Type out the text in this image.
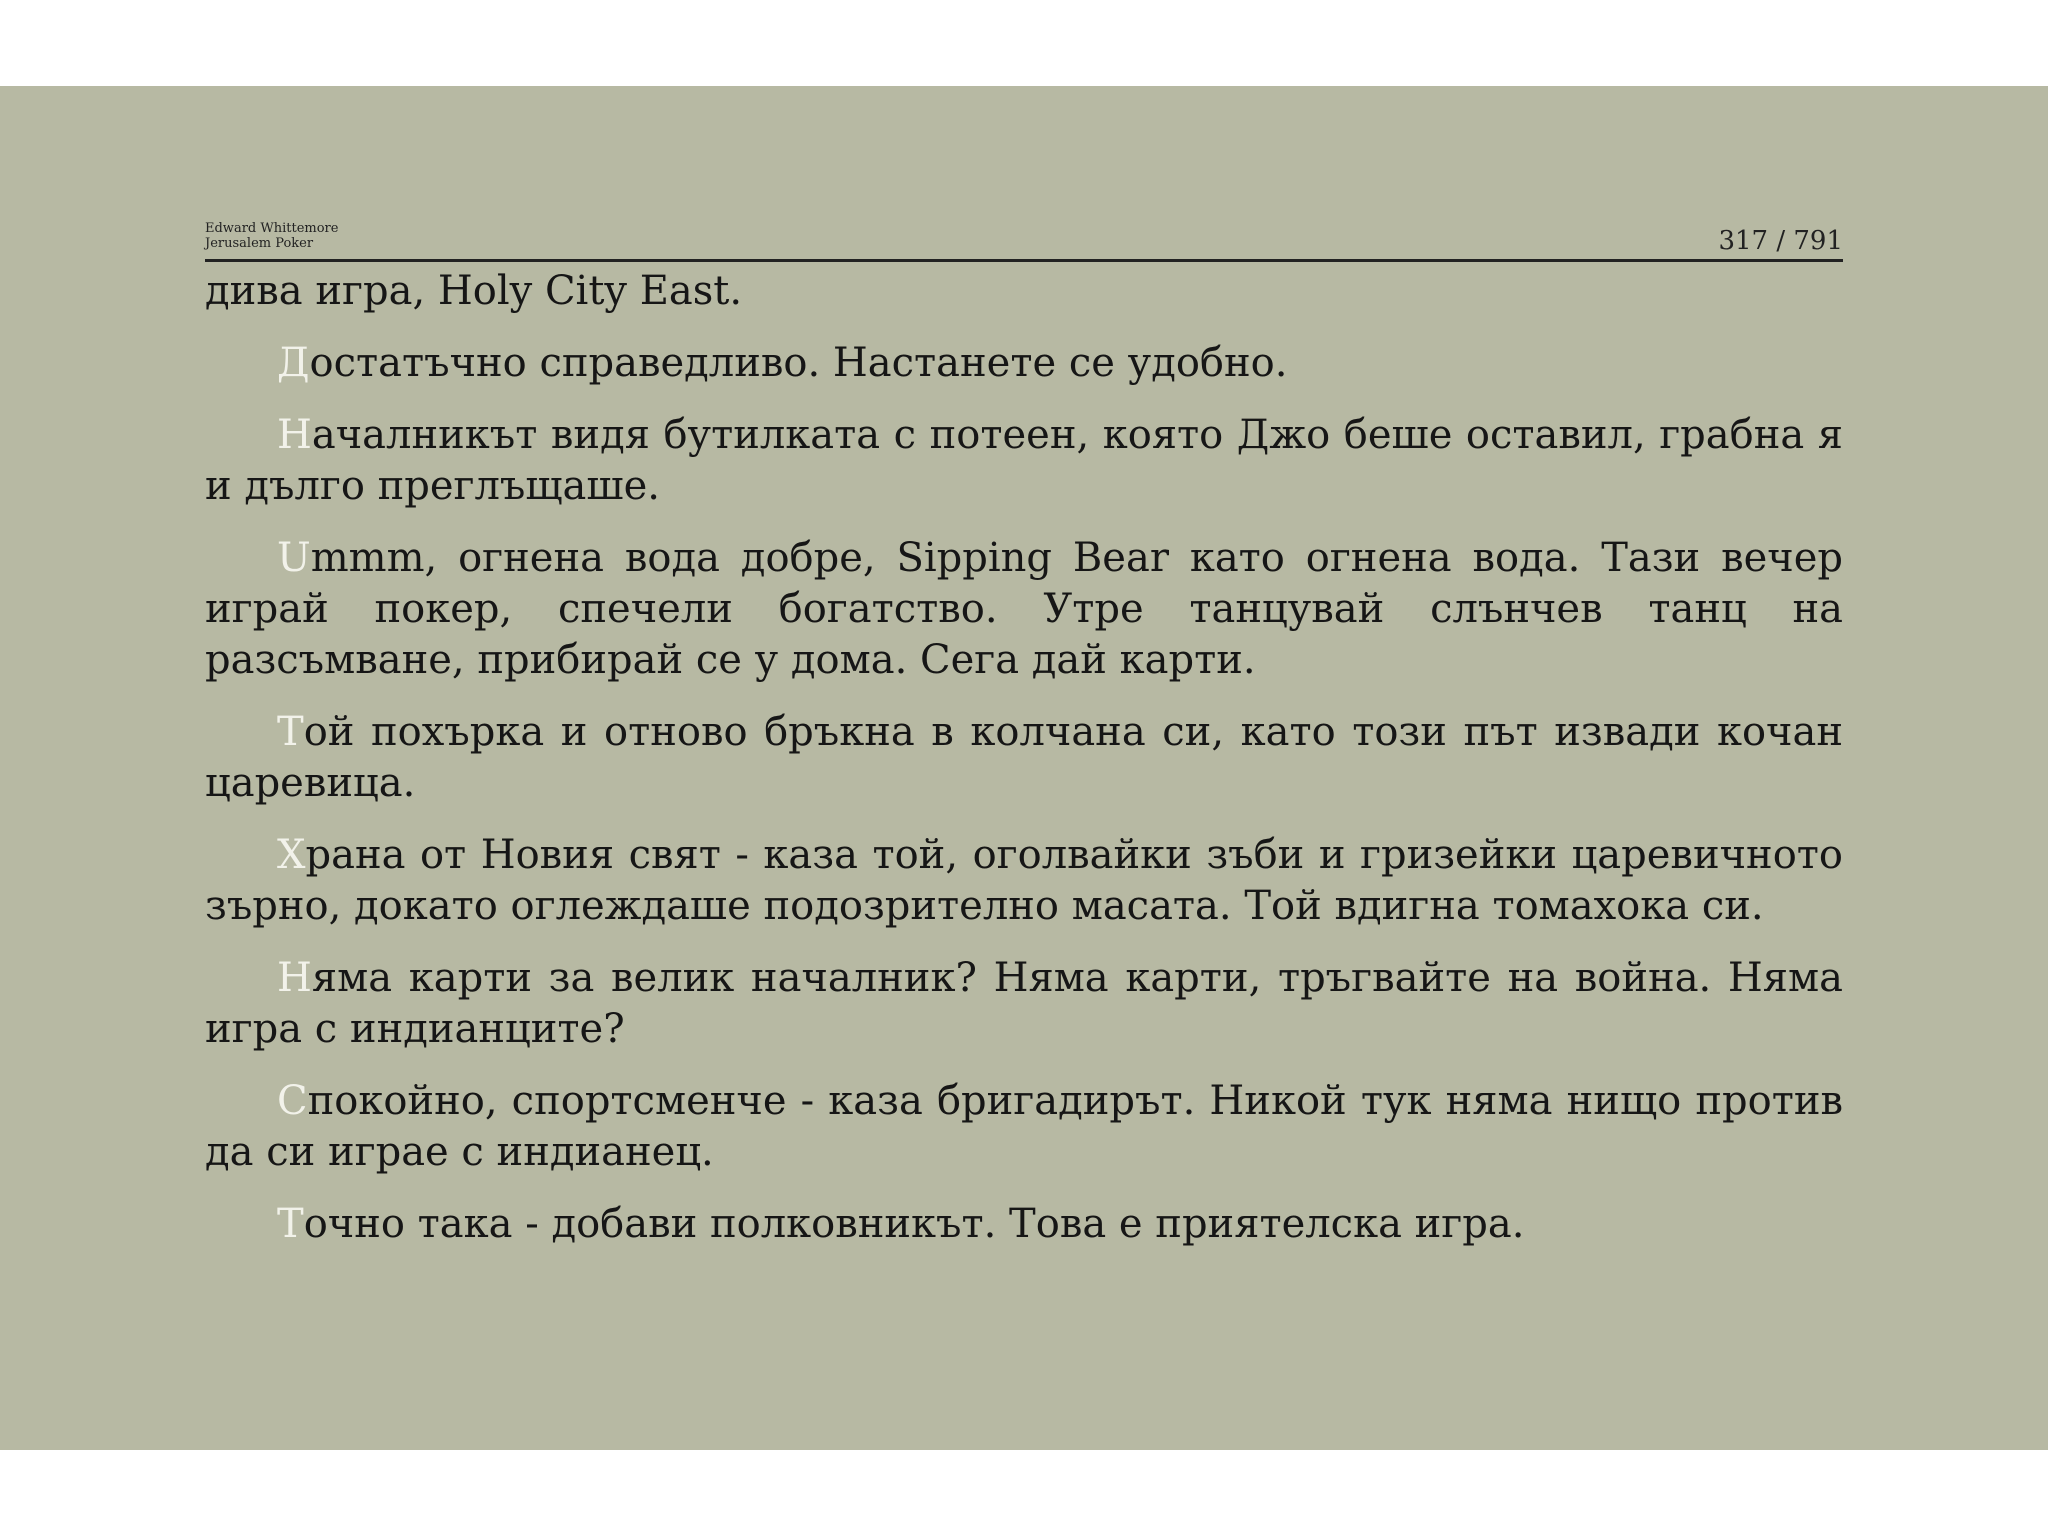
Edward Whittemore
Jerusalem Poker	317 / 791

дива игра, Holy City East.

Достатъчно справедливо. Настанете се удобно.

Началникът видя бутилката с потеен, която Джо беше оставил, грабна я и дълго преглъщаше.

Ummm, огнена вода добре, Sipping Bear като огнена вода. Тази вечер играй покер, спечели богатство. Утре танцувай слънчев танц на разсъмване, прибирай се у дома. Сега дай карти.

Той похърка и отново бръкна в колчана си, като този път извади кочан царевица.

Храна от Новия свят - каза той, оголвайки зъби и гризейки царевичното зърно, докато оглеждаше подозрително масата. Той вдигна томахока си.

Няма карти за велик началник? Няма карти, тръгвайте на война. Няма игра с индианците?

Спокойно, спортсменче - каза бригадирът. Никой тук няма нищо против да си играе с индианец.

Точно така - добави полковникът. Това е приятелска игра.
